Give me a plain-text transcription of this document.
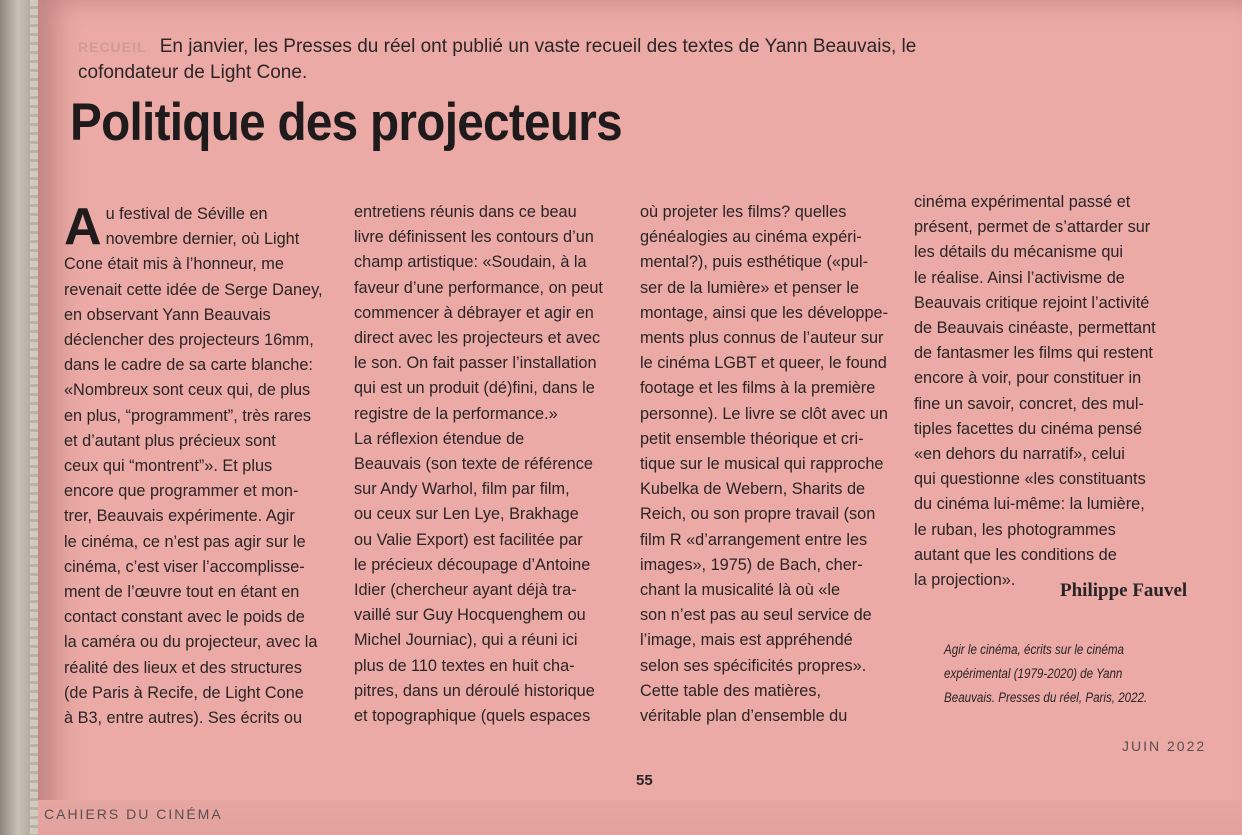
RECUEIL En janvier, les Presses du réel ont publié un vaste recueil des textes de Yann Beauvais, le cofondateur de Light Cone.
Politique des projecteurs
A u festival de Séville en
novembre dernier, où Light
Cone était mis à l’honneur, me
revenait cette idée de Serge Daney,
en observant Yann Beauvais
déclencher des projecteurs 16mm,
dans le cadre de sa carte blanche:
«Nombreux sont ceux qui, de plus
en plus, “programment”, très rares
et d’autant plus précieux sont
ceux qui “montrent”». Et plus
encore que programmer et mon-
trer, Beauvais expérimente. Agir
le cinéma, ce n’est pas agir sur le
cinéma, c’est viser l’accomplisse-
ment de l’œuvre tout en étant en
contact constant avec le poids de
la caméra ou du projecteur, avec la
réalité des lieux et des structures
(de Paris à Recife, de Light Cone
à B3, entre autres). Ses écrits ou
entretiens réunis dans ce beau
livre définissent les contours d’un
champ artistique: «Soudain, à la
faveur d’une performance, on peut
commencer à débrayer et agir en
direct avec les projecteurs et avec
le son. On fait passer l’installation
qui est un produit (dé)fini, dans le
registre de la performance.»
La réflexion étendue de
Beauvais (son texte de référence
sur Andy Warhol, film par film,
ou ceux sur Len Lye, Brakhage
ou Valie Export) est facilitée par
le précieux découpage d’Antoine
Idier (chercheur ayant déjà tra-
vaillé sur Guy Hocquenghem ou
Michel Journiac), qui a réuni ici
plus de 110 textes en huit cha-
pitres, dans un déroulé historique
et topographique (quels espaces
où projeter les films? quelles
généalogies au cinéma expéri-
mental?), puis esthétique («pul-
ser de la lumière» et penser le
montage, ainsi que les développe-
ments plus connus de l’auteur sur
le cinéma LGBT et queer, le found
footage et les films à la première
personne). Le livre se clôt avec un
petit ensemble théorique et cri-
tique sur le musical qui rapproche
Kubelka de Webern, Sharits de
Reich, ou son propre travail (son
film R «d’arrangement entre les
images», 1975) de Bach, cher-
chant la musicalité là où «le
son n’est pas au seul service de
l’image, mais est appréhendé
selon ses spécificités propres».
Cette table des matières,
véritable plan d’ensemble du
cinéma expérimental passé et
présent, permet de s’attarder sur
les détails du mécanisme qui
le réalise. Ainsi l’activisme de
Beauvais critique rejoint l’activité
de Beauvais cinéaste, permettant
de fantasmer les films qui restent
encore à voir, pour constituer in
fine un savoir, concret, des mul-
tiples facettes du cinéma pensé
«en dehors du narratif», celui
qui questionne «les constituants
du cinéma lui-même: la lumière,
le ruban, les photogrammes
autant que les conditions de
la projection».	Philippe Fauvel
Agir le cinéma, écrits sur le cinéma expérimental (1979-2020) de Yann Beauvais. Presses du réel, Paris, 2022.
55
CAHIERS DU CINÉMA
JUIN 2022
